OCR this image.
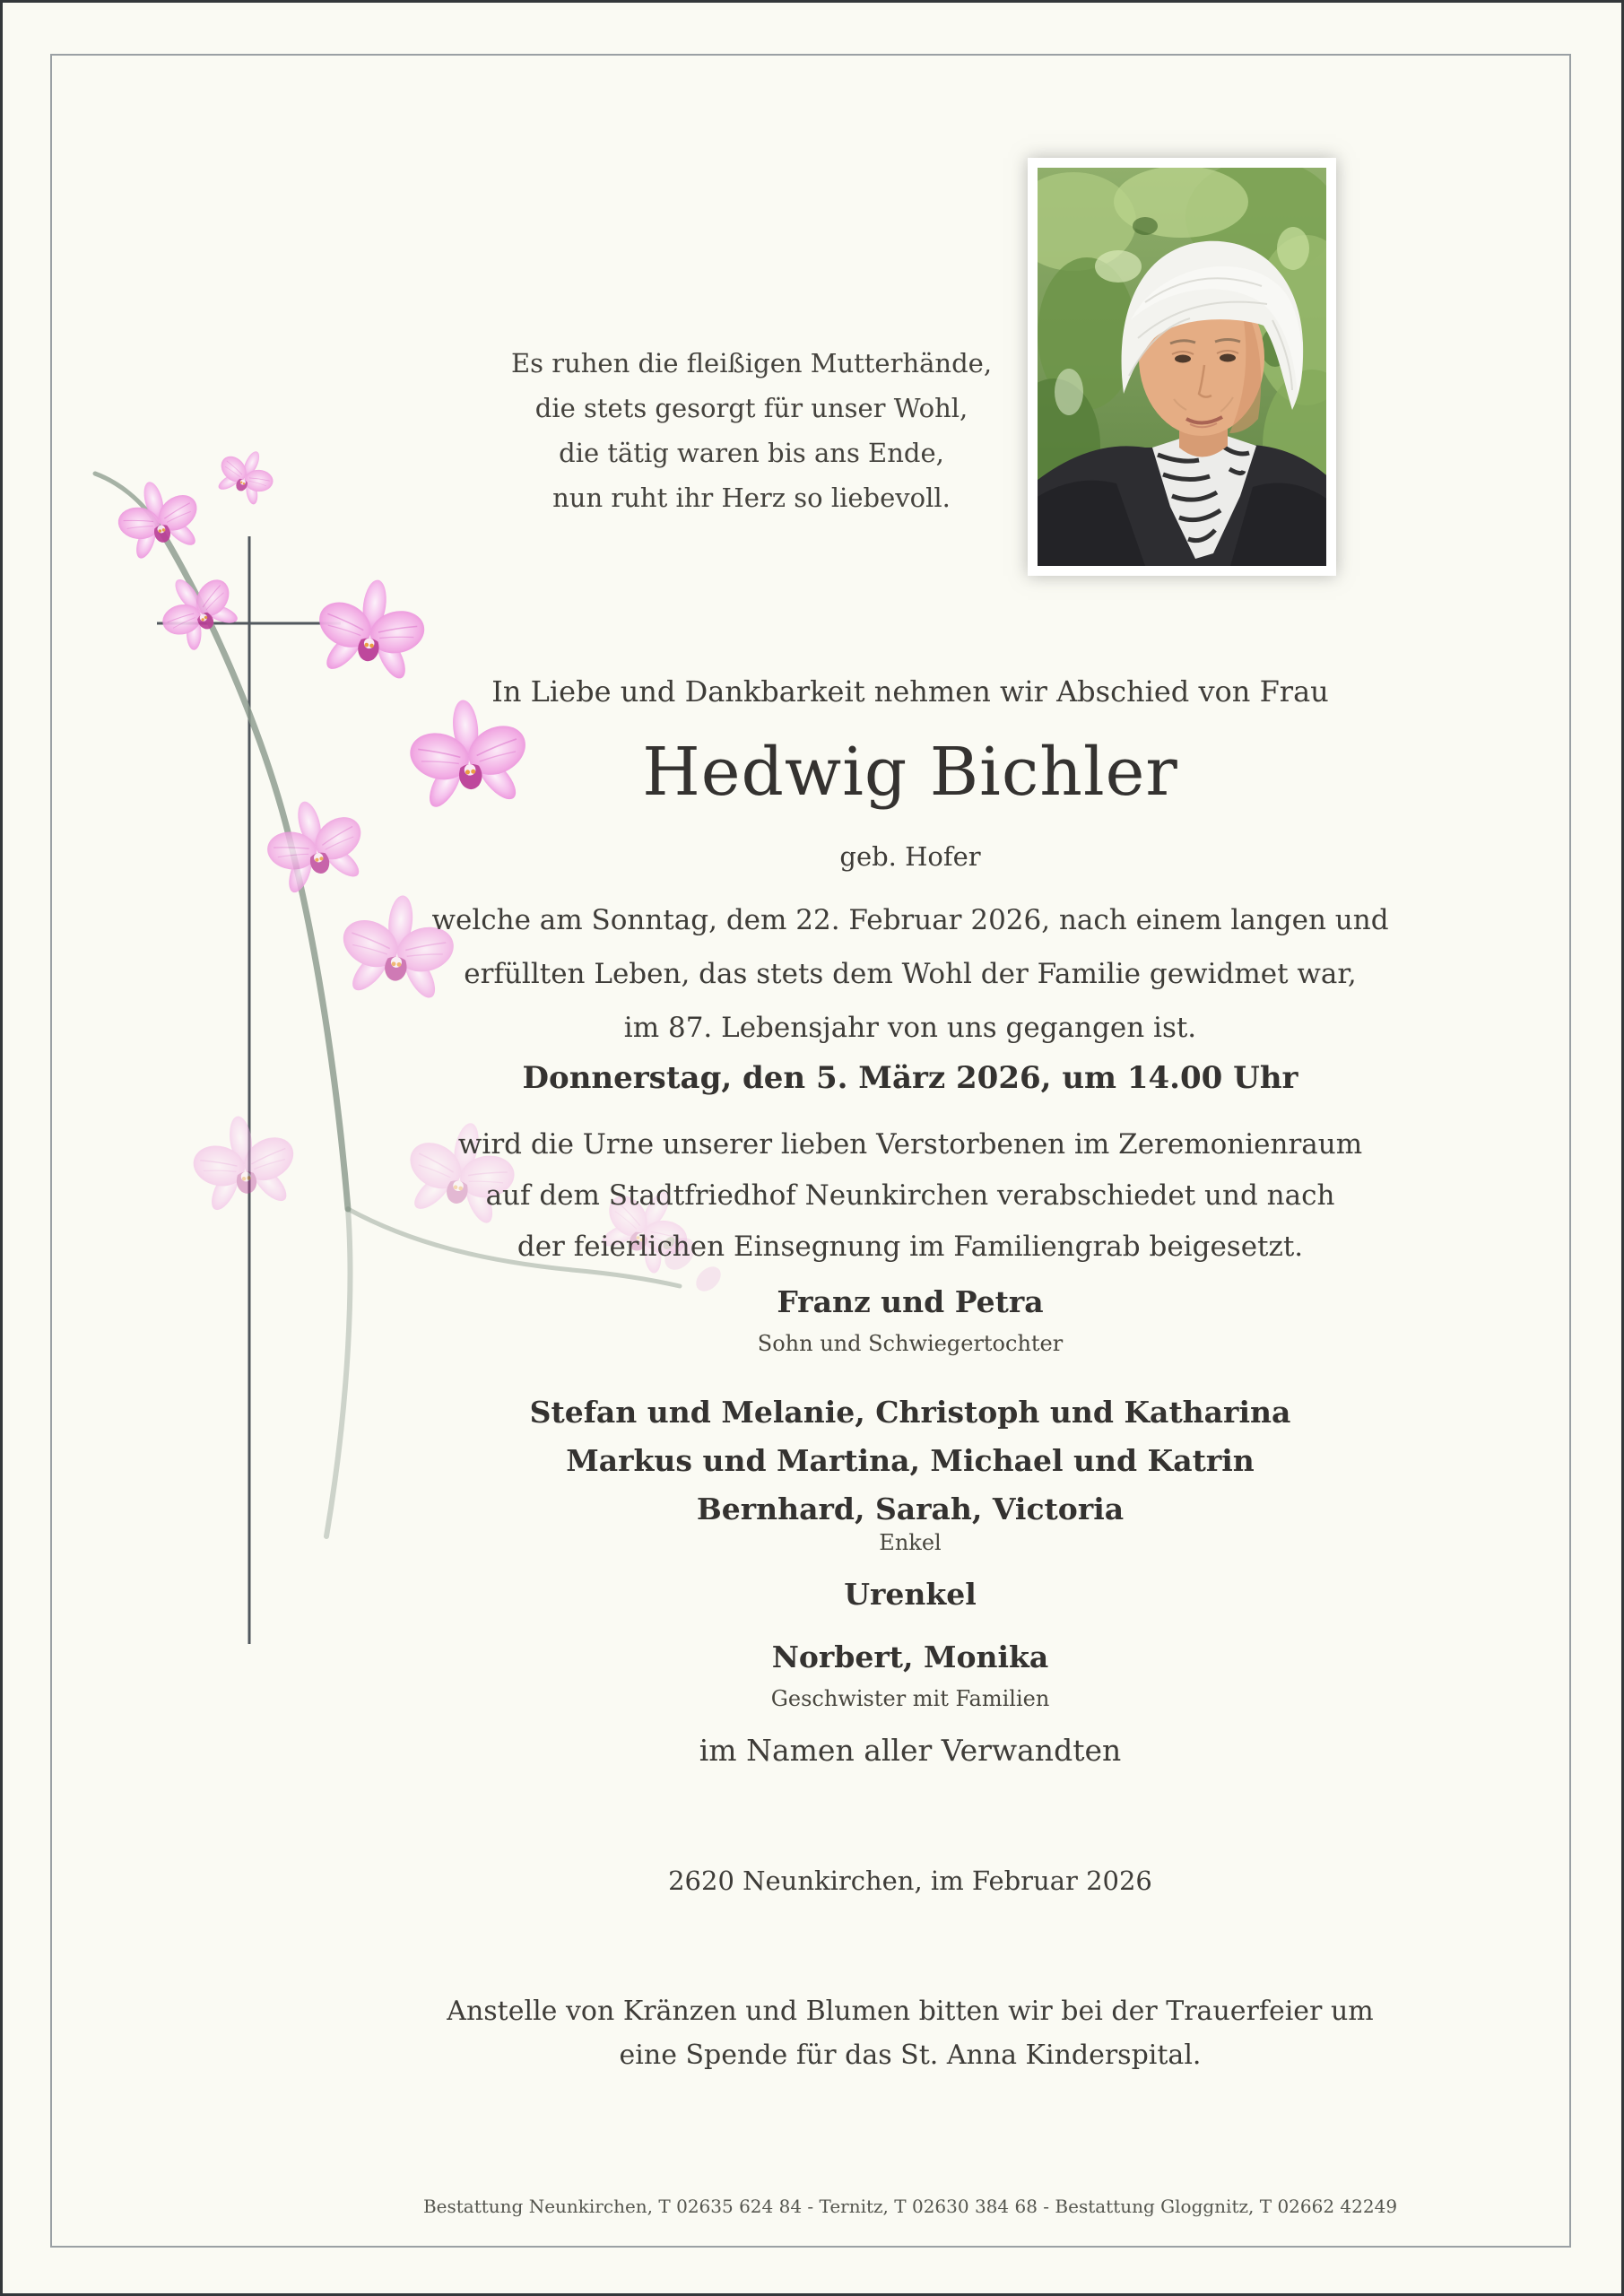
Es ruhen die fleißigen Mutterhände,
die stets gesorgt für unser Wohl,
die tätig waren bis ans Ende,
nun ruht ihr Herz so liebevoll.
In Liebe und Dankbarkeit nehmen wir Abschied von Frau
Hedwig Bichler
geb. Hofer
welche am Sonntag, dem 22. Februar 2026, nach einem langen und
erfüllten Leben, das stets dem Wohl der Familie gewidmet war,
im 87. Lebensjahr von uns gegangen ist.
Donnerstag, den 5. März 2026, um 14.00 Uhr
wird die Urne unserer lieben Verstorbenen im Zeremonienraum
auf dem Stadtfriedhof Neunkirchen verabschiedet und nach
der feierlichen Einsegnung im Familiengrab beigesetzt.
Franz und Petra
Sohn und Schwiegertochter
Stefan und Melanie, Christoph und Katharina
Markus und Martina, Michael und Katrin
Bernhard, Sarah, Victoria
Enkel
Urenkel
Norbert, Monika
Geschwister mit Familien
im Namen aller Verwandten
2620 Neunkirchen, im Februar 2026
Anstelle von Kränzen und Blumen bitten wir bei der Trauerfeier um
eine Spende für das St. Anna Kinderspital.
Bestattung Neunkirchen, T 02635 624 84 - Ternitz, T 02630 384 68 - Bestattung Gloggnitz, T 02662 42249
